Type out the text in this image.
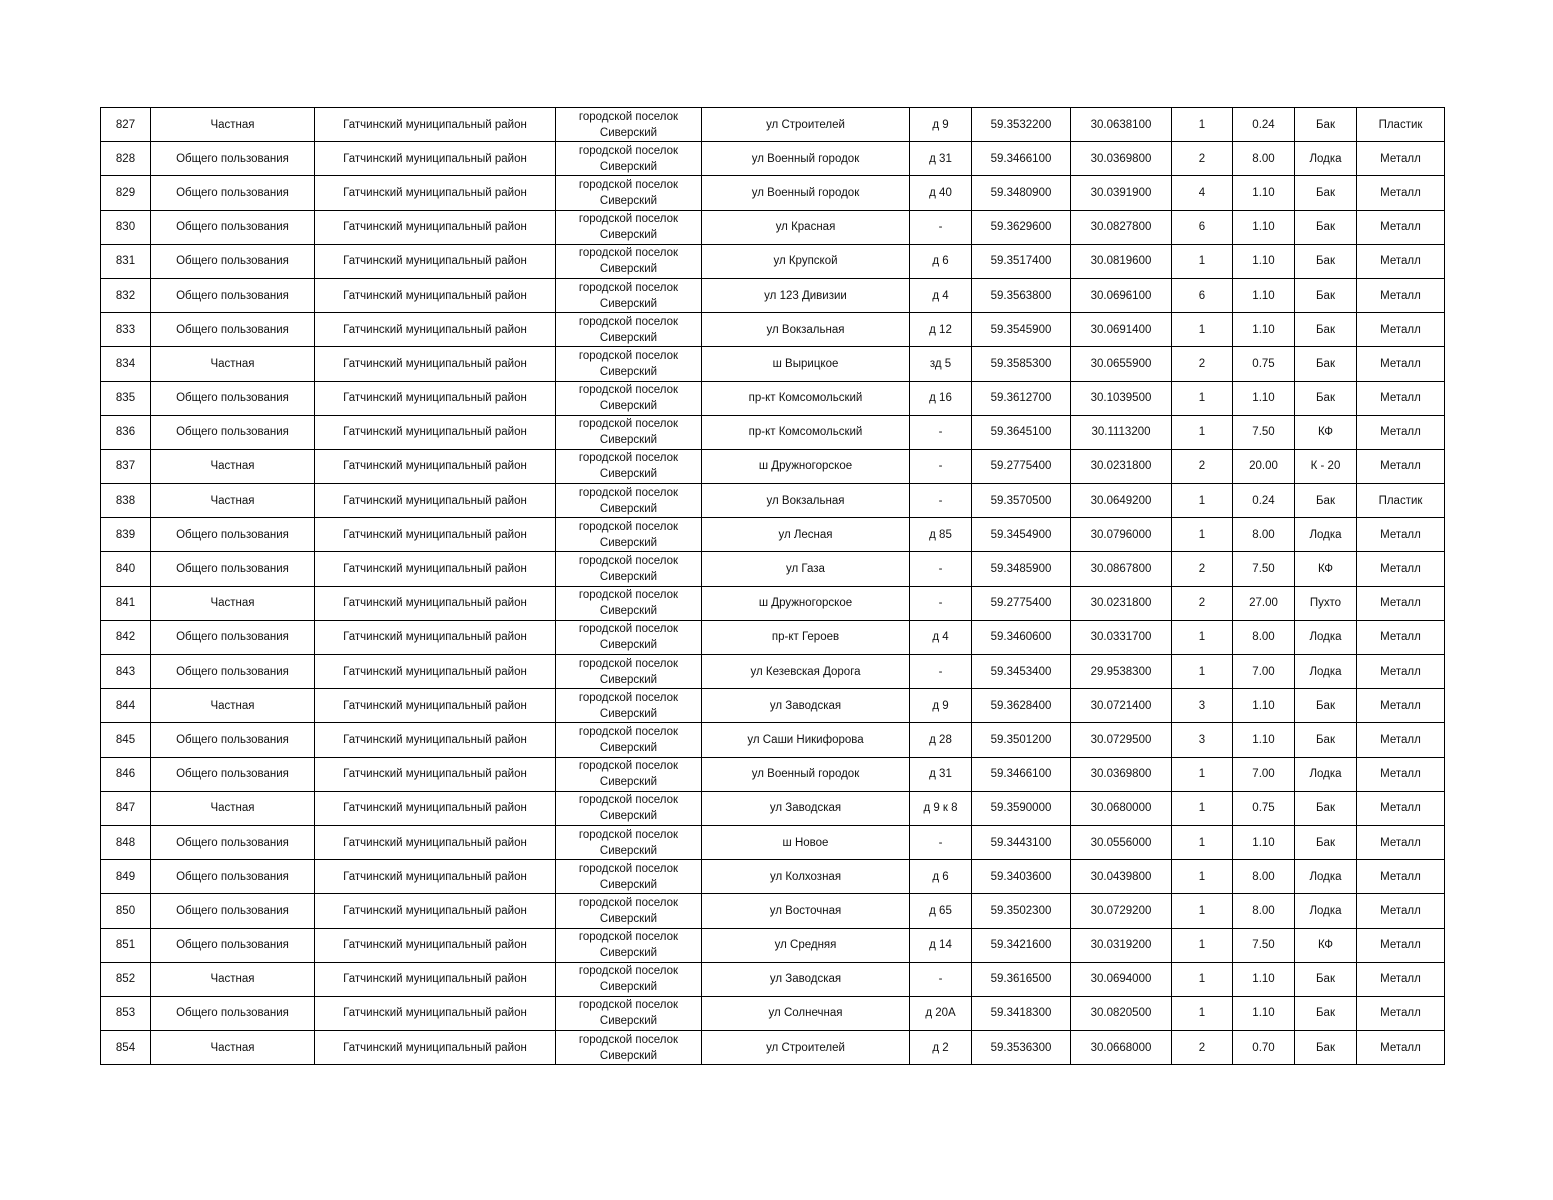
827	Частная	Гатчинский муниципальный район	городской поселок
Сиверский	ул Строителей	д 9	59.3532200	30.0638100	1	0.24	Бак	Пластик
828	Общего пользования	Гатчинский муниципальный район	городской поселок
Сиверский	ул Военный городок	д 31	59.3466100	30.0369800	2	8.00	Лодка	Металл
829	Общего пользования	Гатчинский муниципальный район	городской поселок
Сиверский	ул Военный городок	д 40	59.3480900	30.0391900	4	1.10	Бак	Металл
830	Общего пользования	Гатчинский муниципальный район	городской поселок
Сиверский	ул Красная	-	59.3629600	30.0827800	6	1.10	Бак	Металл
831	Общего пользования	Гатчинский муниципальный район	городской поселок
Сиверский	ул Крупской	д 6	59.3517400	30.0819600	1	1.10	Бак	Металл
832	Общего пользования	Гатчинский муниципальный район	городской поселок
Сиверский	ул 123 Дивизии	д 4	59.3563800	30.0696100	6	1.10	Бак	Металл
833	Общего пользования	Гатчинский муниципальный район	городской поселок
Сиверский	ул Вокзальная	д 12	59.3545900	30.0691400	1	1.10	Бак	Металл
834	Частная	Гатчинский муниципальный район	городской поселок
Сиверский	ш Вырицкое	зд 5	59.3585300	30.0655900	2	0.75	Бак	Металл
835	Общего пользования	Гатчинский муниципальный район	городской поселок
Сиверский	пр-кт Комсомольский	д 16	59.3612700	30.1039500	1	1.10	Бак	Металл
836	Общего пользования	Гатчинский муниципальный район	городской поселок
Сиверский	пр-кт Комсомольский	-	59.3645100	30.1113200	1	7.50	КФ	Металл
837	Частная	Гатчинский муниципальный район	городской поселок
Сиверский	ш Дружногорское	-	59.2775400	30.0231800	2	20.00	К - 20	Металл
838	Частная	Гатчинский муниципальный район	городской поселок
Сиверский	ул Вокзальная	-	59.3570500	30.0649200	1	0.24	Бак	Пластик
839	Общего пользования	Гатчинский муниципальный район	городской поселок
Сиверский	ул Лесная	д 85	59.3454900	30.0796000	1	8.00	Лодка	Металл
840	Общего пользования	Гатчинский муниципальный район	городской поселок
Сиверский	ул Газа	-	59.3485900	30.0867800	2	7.50	КФ	Металл
841	Частная	Гатчинский муниципальный район	городской поселок
Сиверский	ш Дружногорское	-	59.2775400	30.0231800	2	27.00	Пухто	Металл
842	Общего пользования	Гатчинский муниципальный район	городской поселок
Сиверский	пр-кт Героев	д 4	59.3460600	30.0331700	1	8.00	Лодка	Металл
843	Общего пользования	Гатчинский муниципальный район	городской поселок
Сиверский	ул Кезевская Дорога	-	59.3453400	29.9538300	1	7.00	Лодка	Металл
844	Частная	Гатчинский муниципальный район	городской поселок
Сиверский	ул Заводская	д 9	59.3628400	30.0721400	3	1.10	Бак	Металл
845	Общего пользования	Гатчинский муниципальный район	городской поселок
Сиверский	ул Саши Никифорова	д 28	59.3501200	30.0729500	3	1.10	Бак	Металл
846	Общего пользования	Гатчинский муниципальный район	городской поселок
Сиверский	ул Военный городок	д 31	59.3466100	30.0369800	1	7.00	Лодка	Металл
847	Частная	Гатчинский муниципальный район	городской поселок
Сиверский	ул Заводская	д 9 к 8	59.3590000	30.0680000	1	0.75	Бак	Металл
848	Общего пользования	Гатчинский муниципальный район	городской поселок
Сиверский	ш Новое	-	59.3443100	30.0556000	1	1.10	Бак	Металл
849	Общего пользования	Гатчинский муниципальный район	городской поселок
Сиверский	ул Колхозная	д 6	59.3403600	30.0439800	1	8.00	Лодка	Металл
850	Общего пользования	Гатчинский муниципальный район	городской поселок
Сиверский	ул Восточная	д 65	59.3502300	30.0729200	1	8.00	Лодка	Металл
851	Общего пользования	Гатчинский муниципальный район	городской поселок
Сиверский	ул Средняя	д 14	59.3421600	30.0319200	1	7.50	КФ	Металл
852	Частная	Гатчинский муниципальный район	городской поселок
Сиверский	ул Заводская	-	59.3616500	30.0694000	1	1.10	Бак	Металл
853	Общего пользования	Гатчинский муниципальный район	городской поселок
Сиверский	ул Солнечная	д 20А	59.3418300	30.0820500	1	1.10	Бак	Металл
854	Частная	Гатчинский муниципальный район	городской поселок
Сиверский	ул Строителей	д 2	59.3536300	30.0668000	2	0.70	Бак	Металл
